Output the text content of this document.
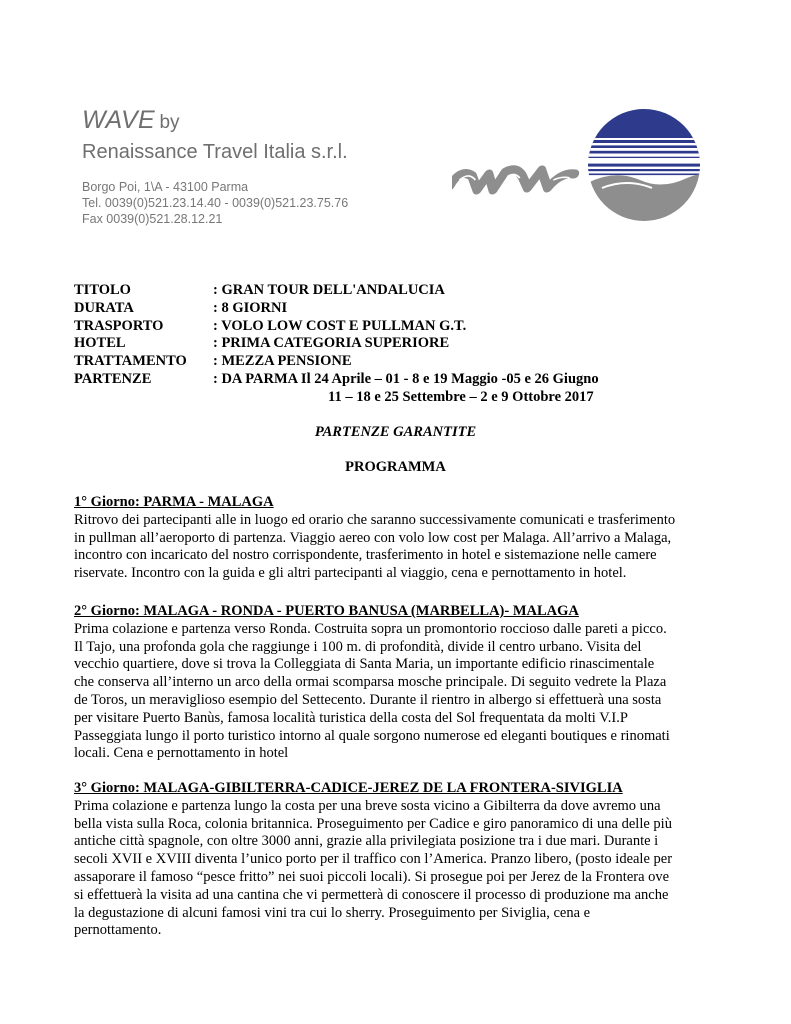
WAVE by
Renaissance Travel Italia s.r.l.
Borgo Poi, 1\A - 43100 Parma
Tel. 0039(0)521.23.14.40 - 0039(0)521.23.75.76
Fax 0039(0)521.28.12.21
TITOLO	: GRAN TOUR DELL'ANDALUCIA
DURATA	: 8 GIORNI
TRASPORTO	: VOLO LOW COST E PULLMAN G.T.
HOTEL	: PRIMA CATEGORIA SUPERIORE
TRATTAMENTO	: MEZZA PENSIONE
PARTENZE	: DA PARMA Il 24 Aprile – 01 - 8 e 19 Maggio -05 e 26 Giugno
11 – 18 e 25 Settembre – 2 e 9 Ottobre 2017
PARTENZE GARANTITE
PROGRAMMA
1° Giorno: PARMA - MALAGA
Ritrovo dei partecipanti alle in luogo ed orario che saranno successivamente comunicati e trasferimento
in pullman all’aeroporto di partenza. Viaggio aereo con volo low cost per Malaga. All’arrivo a Malaga,
incontro con incaricato del nostro corrispondente, trasferimento in hotel e sistemazione nelle camere
riservate. Incontro con la guida e gli altri partecipanti al viaggio, cena e pernottamento in hotel.
2° Giorno: MALAGA - RONDA - PUERTO BANUSA (MARBELLA)- MALAGA
Prima colazione e partenza verso Ronda. Costruita sopra un promontorio roccioso dalle pareti a picco.
Il Tajo, una profonda gola che raggiunge i 100 m. di profondità, divide il centro urbano. Visita del
vecchio quartiere, dove si trova la Colleggiata di Santa Maria, un importante edificio rinascimentale
che conserva all’interno un arco della ormai scomparsa mosche principale. Di seguito vedrete la Plaza
de Toros, un meraviglioso esempio del Settecento. Durante il rientro in albergo si effettuerà una sosta
per visitare Puerto Banùs, famosa località turistica della costa del Sol frequentata da molti V.I.P
Passeggiata lungo il porto turistico intorno al quale sorgono numerose ed eleganti boutiques e rinomati
locali. Cena e pernottamento in hotel
3° Giorno: MALAGA-GIBILTERRA-CADICE-JEREZ DE LA FRONTERA-SIVIGLIA
Prima colazione e partenza lungo la costa per una breve sosta vicino a Gibilterra da dove avremo una
bella vista sulla Roca, colonia britannica. Proseguimento per Cadice e giro panoramico di una delle più
antiche città spagnole, con oltre 3000 anni, grazie alla privilegiata posizione tra i due mari. Durante i
secoli XVII e XVIII diventa l’unico porto per il traffico con l’America. Pranzo libero, (posto ideale per
assaporare il famoso “pesce fritto” nei suoi piccoli locali). Si prosegue poi per Jerez de la Frontera ove
si effettuerà la visita ad una cantina che vi permetterà di conoscere il processo di produzione ma anche
la degustazione di alcuni famosi vini tra cui lo sherry. Proseguimento per Siviglia, cena e
pernottamento.
